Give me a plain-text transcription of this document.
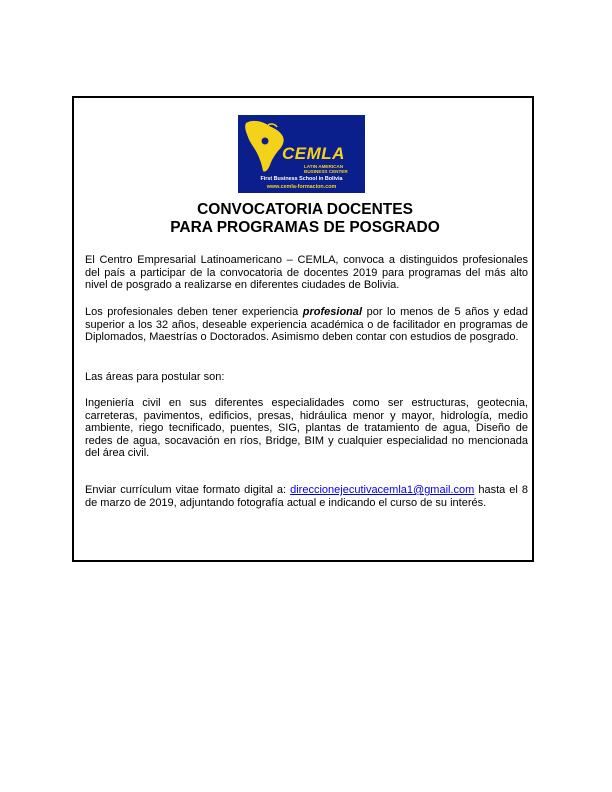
CEMLA
LATIN AMERICAN
BUSINESS CENTER
First Business School in Bolivia
www.cemla-formacion.com
CONVOCATORIA DOCENTES
PARA PROGRAMAS DE POSGRADO

El Centro Empresarial Latinoamericano – CEMLA, convoca a distinguidos profesionales del país a participar de la convocatoria de docentes 2019 para programas del más alto nivel de posgrado a realizarse en diferentes ciudades de Bolivia.

Los profesionales deben tener experiencia profesional por lo menos de 5 años y edad superior a los 32 años, deseable experiencia académica o de facilitador en programas de Diplomados, Maestrías o Doctorados. Asimismo deben contar con estudios de posgrado.

Las áreas para postular son:

Ingeniería civil en sus diferentes especialidades como ser estructuras, geotecnia, carreteras, pavimentos, edificios, presas, hidráulica menor y mayor, hidrología, medio ambiente, riego tecnificado, puentes, SIG, plantas de tratamiento de agua, Diseño de redes de agua, socavación en ríos, Bridge, BIM y cualquier especialidad no mencionada del área civil.

Enviar currículum vitae formato digital a: direccionejecutivacemla1@gmail.com hasta el 8 de marzo de 2019, adjuntando fotografía actual e indicando el curso de su interés.
